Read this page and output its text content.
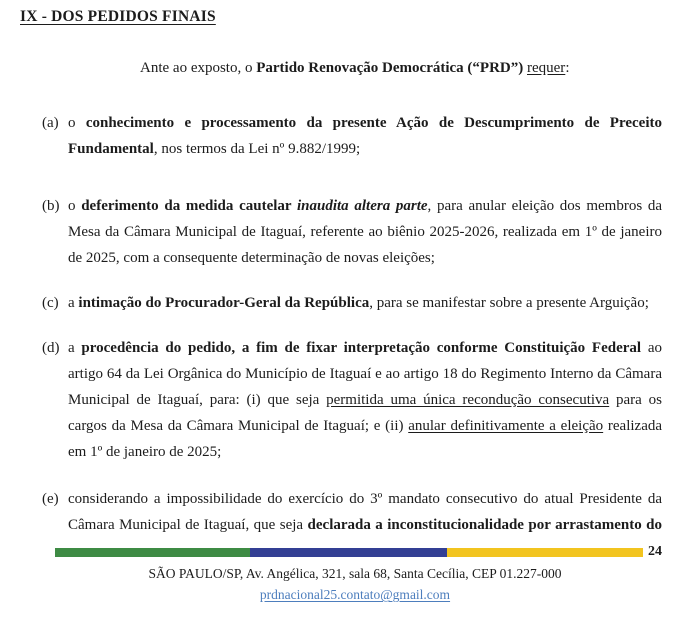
IX - DOS PEDIDOS FINAIS
Ante ao exposto, o Partido Renovação Democrática (“PRD”) requer:
(a) o conhecimento e processamento da presente Ação de Descumprimento de Preceito Fundamental, nos termos da Lei nº 9.882/1999;
(b) o deferimento da medida cautelar inaudita altera parte, para anular eleição dos membros da Mesa da Câmara Municipal de Itaguaí, referente ao biênio 2025-2026, realizada em 1º de janeiro de 2025, com a consequente determinação de novas eleições;
(c) a intimação do Procurador-Geral da República, para se manifestar sobre a presente Arguição;
(d) a procedência do pedido, a fim de fixar interpretação conforme Constituição Federal ao artigo 64 da Lei Orgânica do Município de Itaguaí e ao artigo 18 do Regimento Interno da Câmara Municipal de Itaguaí, para: (i) que seja permitida uma única recondução consecutiva para os cargos da Mesa da Câmara Municipal de Itaguaí; e (ii) anular definitivamente a eleição realizada em 1º de janeiro de 2025;
(e) considerando a impossibilidade do exercício do 3º mandato consecutivo do atual Presidente da Câmara Municipal de Itaguaí, que seja declarada a inconstitucionalidade por arrastamento do
24
SÃO PAULO/SP, Av. Angélica, 321, sala 68, Santa Cecília, CEP 01.227-000
prdnacional25.contato@gmail.com
